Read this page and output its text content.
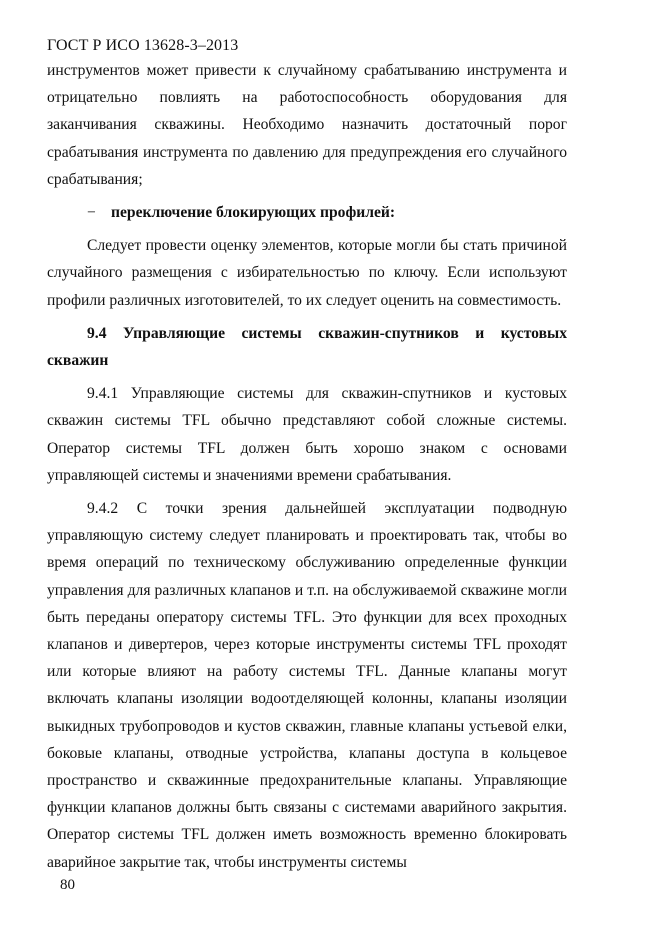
ГОСТ Р ИСО 13628-3–2013

инструментов может привести к случайному срабатыванию инструмента и отрицательно повлиять на работоспособность оборудования для заканчивания скважины. Необходимо назначить достаточный порог срабатывания инструмента по давлению для предупреждения его случайного срабатывания;

− переключение блокирующих профилей:

Следует провести оценку элементов, которые могли бы стать причиной случайного размещения с избирательностью по ключу. Если используют профили различных изготовителей, то их следует оценить на совместимость.

9.4 Управляющие системы скважин-спутников и кустовых скважин

9.4.1 Управляющие системы для скважин-спутников и кустовых скважин системы TFL обычно представляют собой сложные системы. Оператор системы TFL должен быть хорошо знаком с основами управляющей системы и значениями времени срабатывания.

9.4.2 С точки зрения дальнейшей эксплуатации подводную управляющую систему следует планировать и проектировать так, чтобы во время операций по техническому обслуживанию определенные функции управления для различных клапанов и т.п. на обслуживаемой скважине могли быть переданы оператору системы TFL. Это функции для всех проходных клапанов и дивертеров, через которые инструменты системы TFL проходят или которые влияют на работу системы TFL. Данные клапаны могут включать клапаны изоляции водоотделяющей колонны, клапаны изоляции выкидных трубопроводов и кустов скважин, главные клапаны устьевой елки, боковые клапаны, отводные устройства, клапаны доступа в кольцевое пространство и скважинные предохранительные клапаны. Управляющие функции клапанов должны быть связаны с системами аварийного закрытия. Оператор системы TFL должен иметь возможность временно блокировать аварийное закрытие так, чтобы инструменты системы

80
